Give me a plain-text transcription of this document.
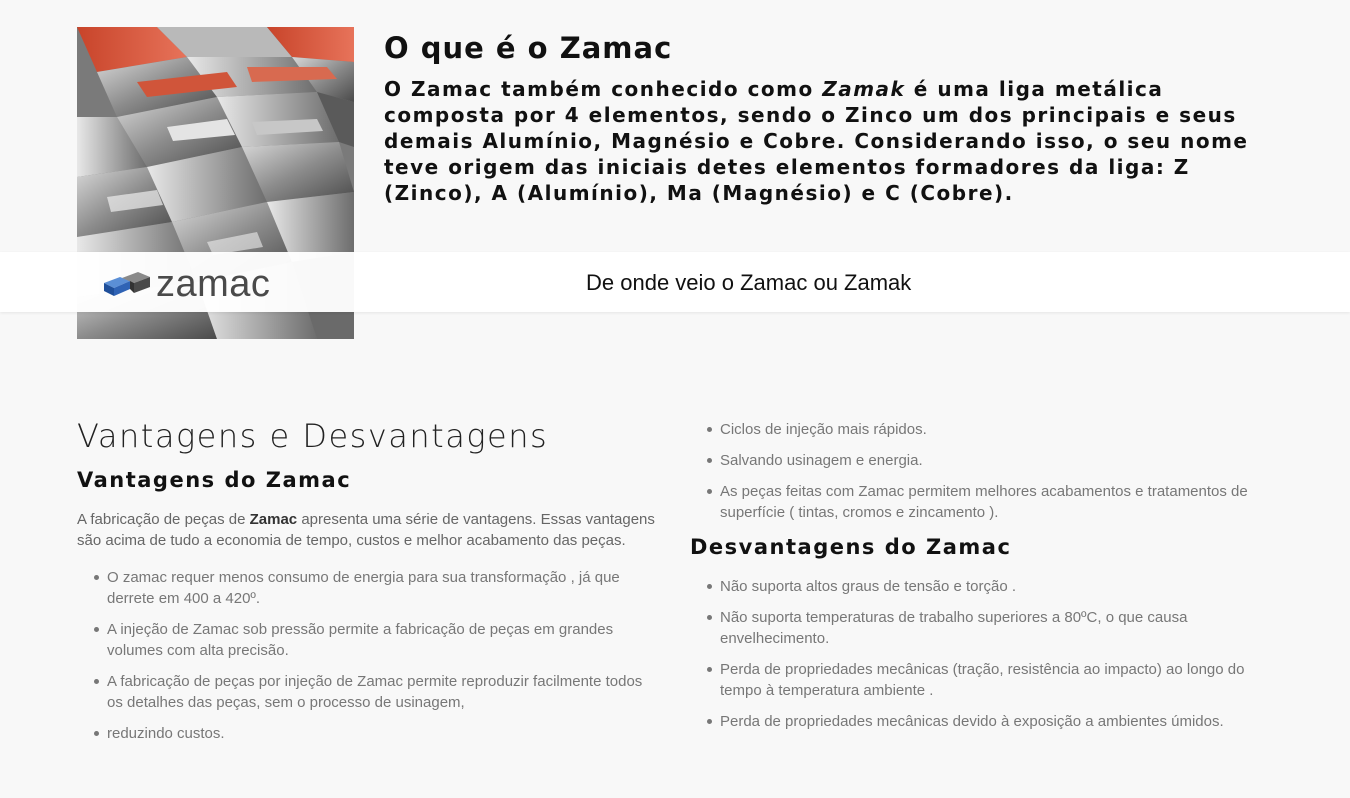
O que é o Zamac

O Zamac também conhecido como Zamak é uma liga metálica composta por 4 elementos, sendo o Zinco um dos principais e seus demais Alumínio, Magnésio e Cobre. Considerando isso, o seu nome teve origem das iniciais detes elementos formadores da liga: Z (Zinco), A (Alumínio), Ma (Magnésio) e C (Cobre).

zamac	De onde veio o Zamac ou Zamak
Vantagens e Desvantagens
Vantagens do Zamac

A fabricação de peças de Zamac apresenta uma série de vantagens. Essas vantagens são acima de tudo a economia de tempo, custos e melhor acabamento das peças.

O zamac requer menos consumo de energia para sua transformação , já que derrete em 400 a 420º.
A injeção de Zamac sob pressão permite a fabricação de peças em grandes volumes com alta precisão.
A fabricação de peças por injeção de Zamac permite reproduzir facilmente todos os detalhes das peças, sem o processo de usinagem,
reduzindo custos.
Ciclos de injeção mais rápidos.
Salvando usinagem e energia.
As peças feitas com Zamac permitem melhores acabamentos e tratamentos de superfície ( tintas, cromos e zincamento ).
Desvantagens do Zamac
Não suporta altos graus de tensão e torção .
Não suporta temperaturas de trabalho superiores a 80ºC, o que causa envelhecimento.
Perda de propriedades mecânicas (tração, resistência ao impacto) ao longo do tempo à temperatura ambiente .
Perda de propriedades mecânicas devido à exposição a ambientes úmidos.
